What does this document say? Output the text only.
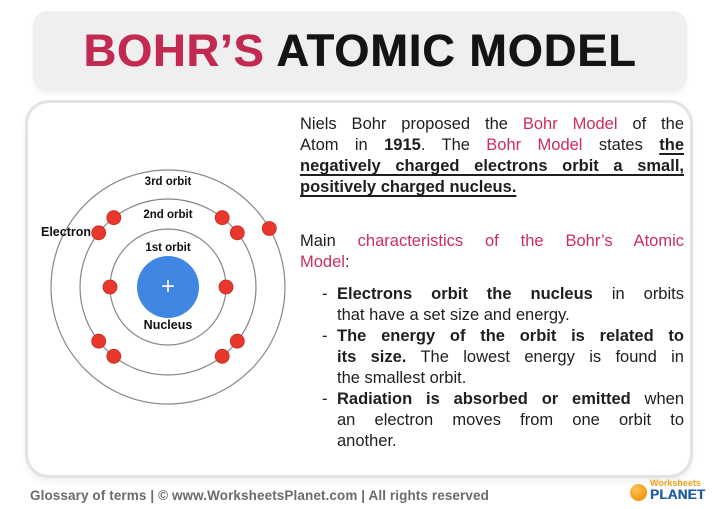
BOHR’S ATOMIC MODEL
3rd orbit
2nd orbit
1st orbit
Electron
Nucleus
+
Niels Bohr proposed the Bohr Model of the
Atom in 1915. The Bohr Model states the
negatively charged electrons orbit a small,
positively charged nucleus.
Main characteristics of the Bohr’s Atomic
Model:
- Electrons orbit the nucleus in orbits
that have a set size and energy.
- The energy of the orbit is related to
its size. The lowest energy is found in
the smallest orbit.
- Radiation is absorbed or emitted when
an electron moves from one orbit to
another.
Glossary of terms | © www.WorksheetsPlanet.com | All rights reserved
Worksheets
PLANET
